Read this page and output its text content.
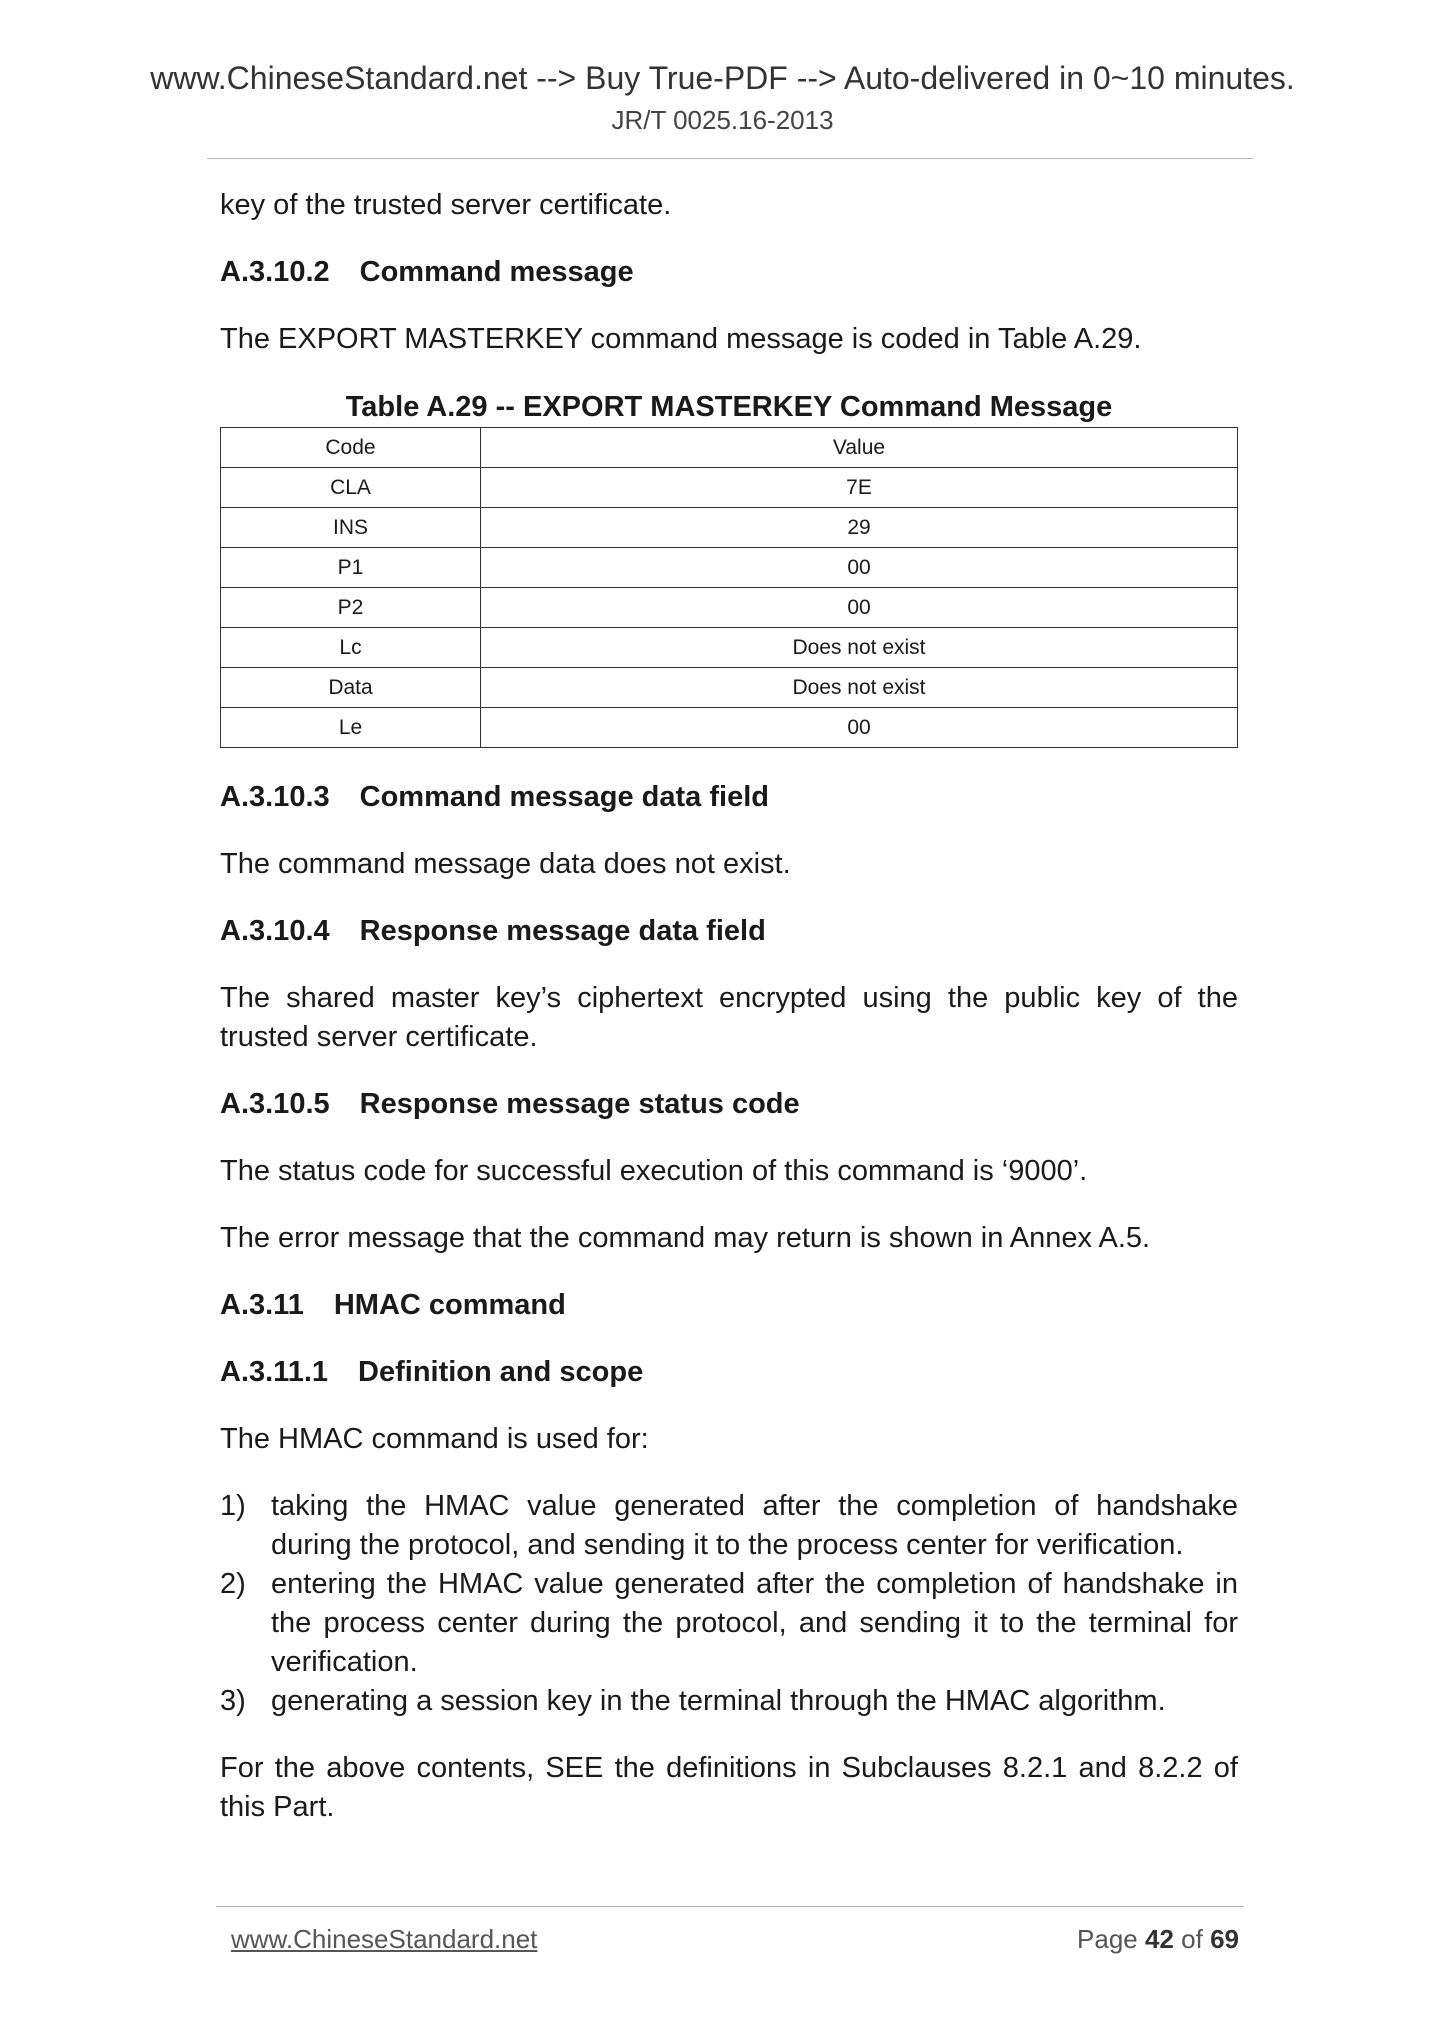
www.ChineseStandard.net --> Buy True-PDF --> Auto-delivered in 0~10 minutes.
JR/T 0025.16-2013

key of the trusted server certificate.

A.3.10.2 Command message

The EXPORT MASTERKEY command message is coded in Table A.29.

Table A.29 -- EXPORT MASTERKEY Command Message
Code	Value
CLA	7E
INS	29
P1	00
P2	00
Lc	Does not exist
Data	Does not exist
Le	00
A.3.10.3 Command message data field

The command message data does not exist.

A.3.10.4 Response message data field

The shared master key’s ciphertext encrypted using the public key of the trusted server certificate.

A.3.10.5 Response message status code

The status code for successful execution of this command is ‘9000’.

The error message that the command may return is shown in Annex A.5.

A.3.11 HMAC command
A.3.11.1 Definition and scope

The HMAC command is used for:

1) taking the HMAC value generated after the completion of handshake during the protocol, and sending it to the process center for verification.
2) entering the HMAC value generated after the completion of handshake in the process center during the protocol, and sending it to the terminal for verification.
3) generating a session key in the terminal through the HMAC algorithm.

For the above contents, SEE the definitions in Subclauses 8.2.1 and 8.2.2 of this Part.

www.ChineseStandard.net	Page 42 of 69
